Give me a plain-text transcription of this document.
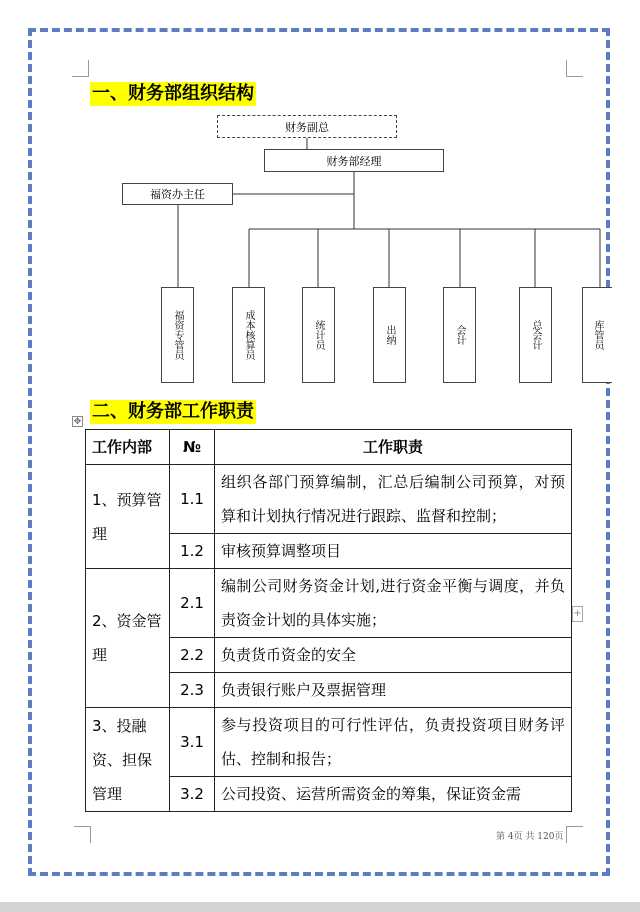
一、财务部组织结构
财务副总
财务部经理
福资办主任
福资专管员	成本核算员	统计员	出纳	会计	总会计	库管员
二、财务部工作职责
✥
+
工作内部	№	工作职责
1、预算管理	1.1	组织各部门预算编制，汇总后编制公司预算，对预算和计划执行情况进行跟踪、监督和控制；
	1.2	审核预算调整项目
2、资金管理	2.1	编制公司财务资金计划,进行资金平衡与调度，并负责资金计划的具体实施；
	2.2	负责货币资金的安全
	2.3	负责银行账户及票据管理
3、投融资、担保管理	3.1	参与投资项目的可行性评估，负责投资项目财务评估、控制和报告；
	3.2	公司投资、运营所需资金的筹集，保证资金需
第 4页 共 120页
